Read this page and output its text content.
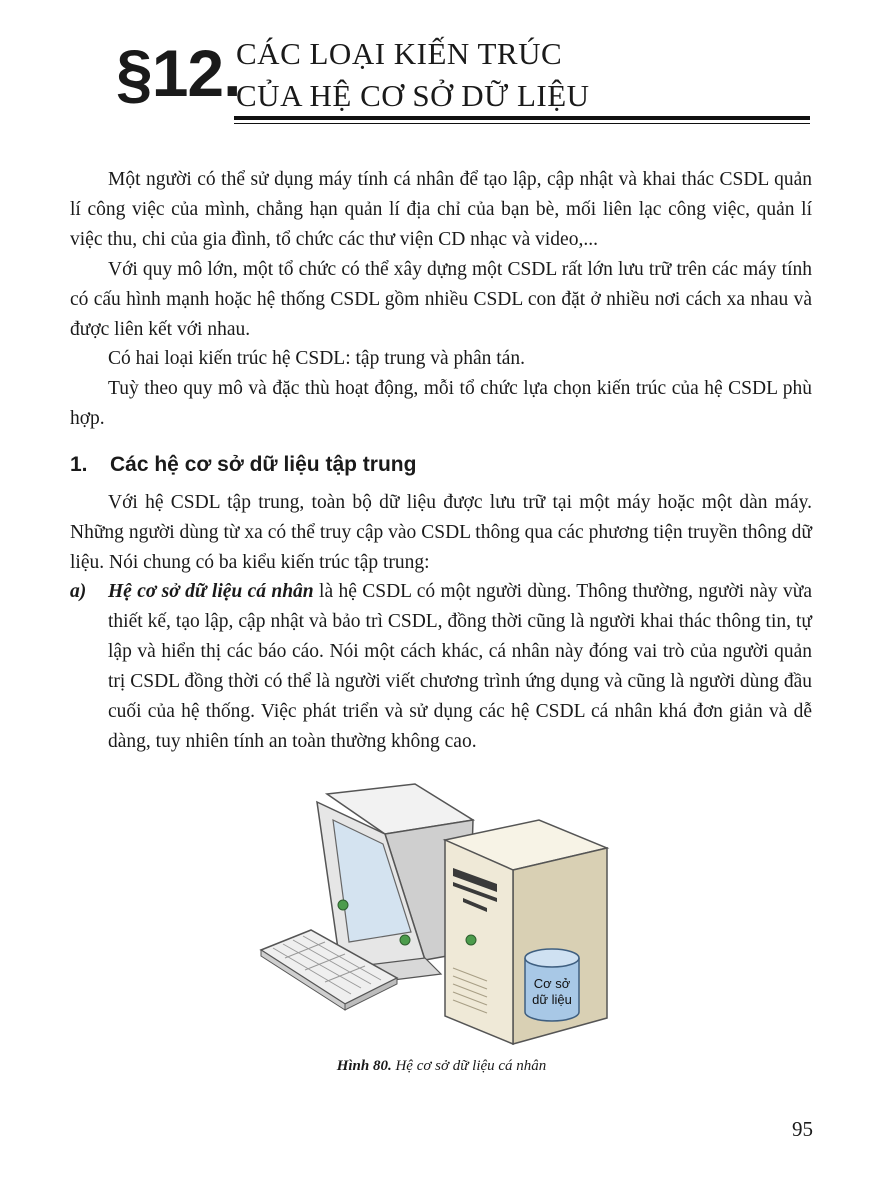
§12.
CÁC LOẠI KIẾN TRÚC
CỦA HỆ CƠ SỞ DỮ LIỆU

Một người có thể sử dụng máy tính cá nhân để tạo lập, cập nhật và khai thác CSDL quản lí công việc của mình, chẳng hạn quản lí địa chỉ của bạn bè, mối liên lạc công việc, quản lí việc thu, chi của gia đình, tổ chức các thư viện CD nhạc và video,...

Với quy mô lớn, một tổ chức có thể xây dựng một CSDL rất lớn lưu trữ trên các máy tính có cấu hình mạnh hoặc hệ thống CSDL gồm nhiều CSDL con đặt ở nhiều nơi cách xa nhau và được liên kết với nhau.

Có hai loại kiến trúc hệ CSDL: tập trung và phân tán.

Tuỳ theo quy mô và đặc thù hoạt động, mỗi tổ chức lựa chọn kiến trúc của hệ CSDL phù hợp.

1. Các hệ cơ sở dữ liệu tập trung

Với hệ CSDL tập trung, toàn bộ dữ liệu được lưu trữ tại một máy hoặc một dàn máy. Những người dùng từ xa có thể truy cập vào CSDL thông qua các phương tiện truyền thông dữ liệu. Nói chung có ba kiểu kiến trúc tập trung:

a) Hệ cơ sở dữ liệu cá nhân là hệ CSDL có một người dùng. Thông thường, người này vừa thiết kế, tạo lập, cập nhật và bảo trì CSDL, đồng thời cũng là người khai thác thông tin, tự lập và hiển thị các báo cáo. Nói một cách khác, cá nhân này đóng vai trò của người quản trị CSDL đồng thời có thể là người viết chương trình ứng dụng và cũng là người dùng đầu cuối của hệ thống. Việc phát triển và sử dụng các hệ CSDL cá nhân khá đơn giản và dễ dàng, tuy nhiên tính an toàn thường không cao.
Cơ sở
dữ liệu
Hình 80. Hệ cơ sở dữ liệu cá nhân
95
